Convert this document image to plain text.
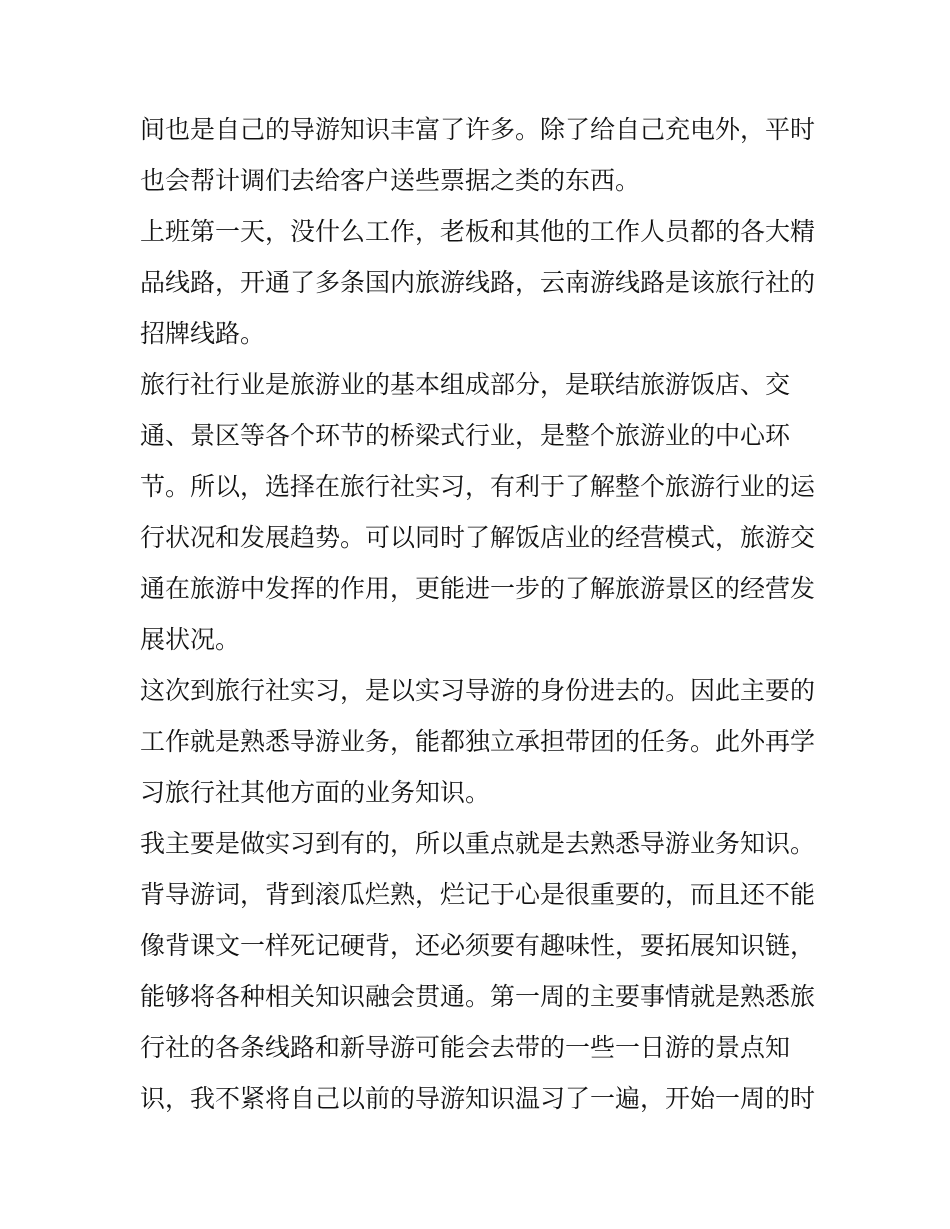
间也是自己的导游知识丰富了许多。除了给自己充电外，平时
也会帮计调们去给客户送些票据之类的东西。
上班第一天，没什么工作，老板和其他的工作人员都的各大精
品线路，开通了多条国内旅游线路，云南游线路是该旅行社的
招牌线路。
旅行社行业是旅游业的基本组成部分，是联结旅游饭店、交
通、景区等各个环节的桥梁式行业，是整个旅游业的中心环
节。所以，选择在旅行社实习，有利于了解整个旅游行业的运
行状况和发展趋势。可以同时了解饭店业的经营模式，旅游交
通在旅游中发挥的作用，更能进一步的了解旅游景区的经营发
展状况。
这次到旅行社实习，是以实习导游的身份进去的。因此主要的
工作就是熟悉导游业务，能都独立承担带团的任务。此外再学
习旅行社其他方面的业务知识。
我主要是做实习到有的，所以重点就是去熟悉导游业务知识。
背导游词，背到滚瓜烂熟，烂记于心是很重要的，而且还不能
像背课文一样死记硬背，还必须要有趣味性，要拓展知识链，
能够将各种相关知识融会贯通。第一周的主要事情就是熟悉旅
行社的各条线路和新导游可能会去带的一些一日游的景点知
识，我不紧将自己以前的导游知识温习了一遍，开始一周的时
